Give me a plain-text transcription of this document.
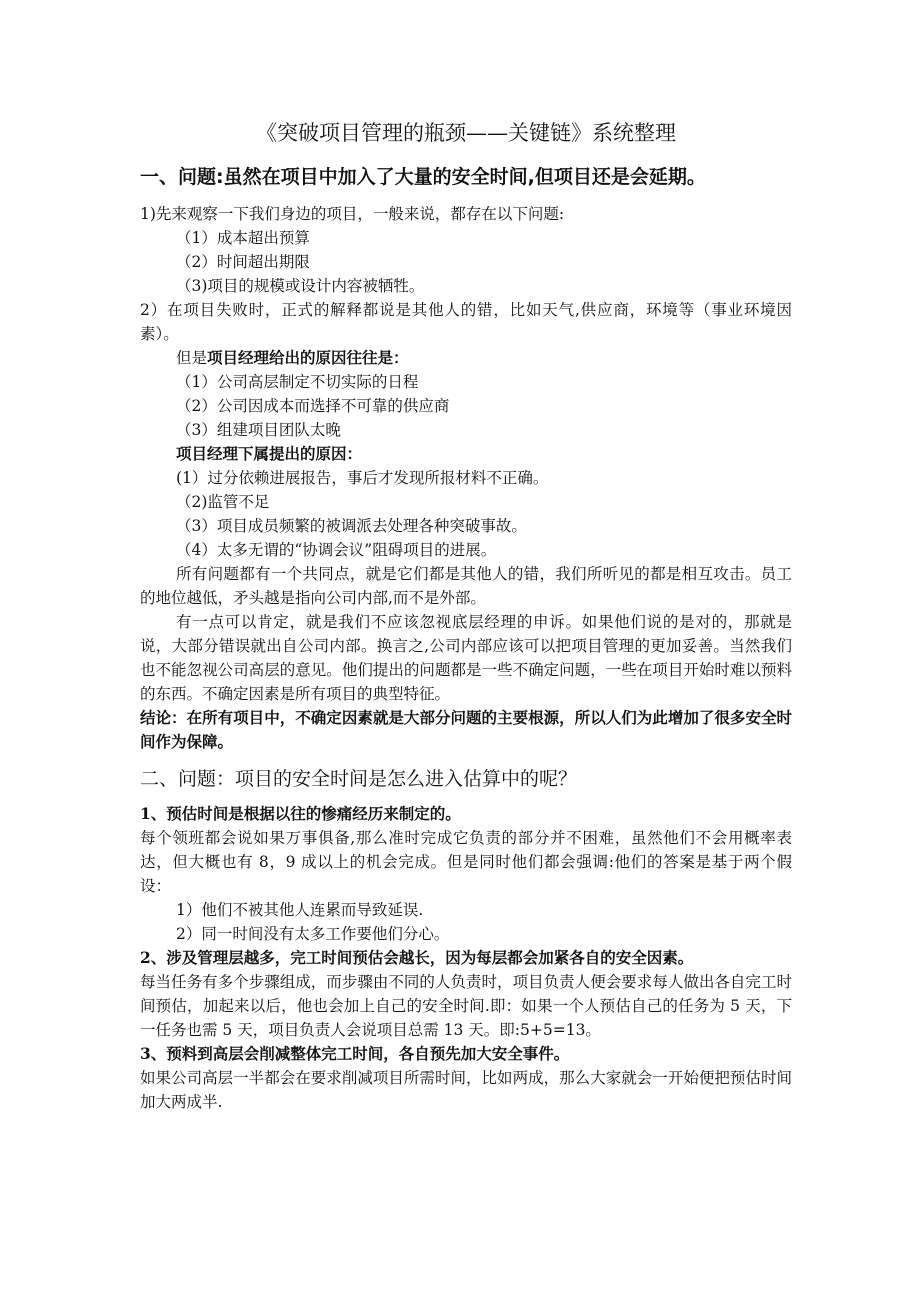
《突破项目管理的瓶颈——关键链》系统整理
一、问题:虽然在项目中加入了大量的安全时间,但项目还是会延期。

1)先来观察一下我们身边的项目，一般来说，都存在以下问题:

（1）成本超出预算

（2）时间超出期限

（3)项目的规模或设计内容被牺牲。

2）在项目失败时，正式的解释都说是其他人的错，比如天气,供应商，环境等（事业环境因素）。

但是项目经理给出的原因往往是：

（1）公司高层制定不切实际的日程

（2）公司因成本而选择不可靠的供应商

（3）组建项目团队太晚

项目经理下属提出的原因：

(1）过分依赖进展报告，事后才发现所报材料不正确。

（2)监管不足

（3）项目成员频繁的被调派去处理各种突破事故。

（4）太多无谓的“协调会议”阻碍项目的进展。

所有问题都有一个共同点，就是它们都是其他人的错，我们所听见的都是相互攻击。员工的地位越低，矛头越是指向公司内部,而不是外部。

有一点可以肯定，就是我们不应该忽视底层经理的申诉。如果他们说的是对的，那就是说，大部分错误就出自公司内部。换言之,公司内部应该可以把项目管理的更加妥善。当然我们也不能忽视公司高层的意见。他们提出的问题都是一些不确定问题，一些在项目开始时难以预料的东西。不确定因素是所有项目的典型特征。

结论：在所有项目中，不确定因素就是大部分问题的主要根源，所以人们为此增加了很多安全时间作为保障。

二、问题：项目的安全时间是怎么进入估算中的呢？

1、预估时间是根据以往的惨痛经历来制定的。

每个领班都会说如果万事俱备,那么准时完成它负责的部分并不困难，虽然他们不会用概率表达，但大概也有 8，9 成以上的机会完成。但是同时他们都会强调:他们的答案是基于两个假设：

1）他们不被其他人连累而导致延误.

2）同一时间没有太多工作要他们分心。

2、涉及管理层越多，完工时间预估会越长，因为每层都会加紧各自的安全因素。

每当任务有多个步骤组成，而步骤由不同的人负责时，项目负责人便会要求每人做出各自完工时间预估，加起来以后，他也会加上自己的安全时间.即：如果一个人预估自己的任务为 5 天，下一任务也需 5 天，项目负责人会说项目总需 13 天。即:5+5=13。

3、预料到高层会削减整体完工时间，各自预先加大安全事件。

如果公司高层一半都会在要求削减项目所需时间，比如两成，那么大家就会一开始便把预估时间加大两成半.
